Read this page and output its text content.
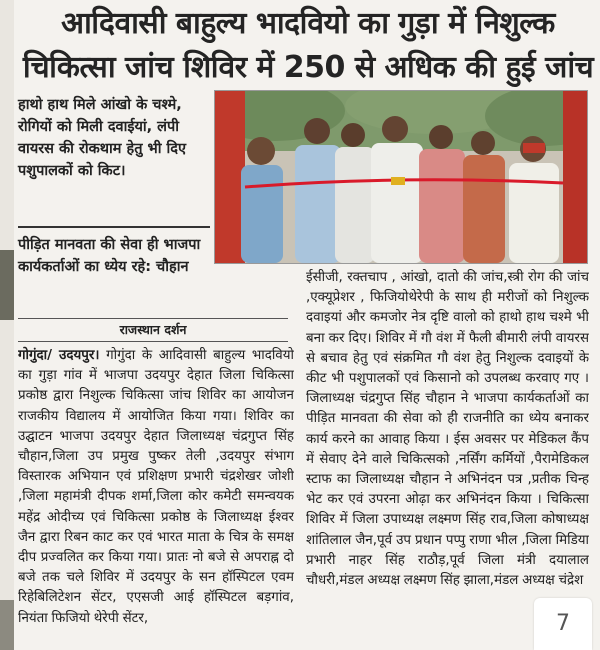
आदिवासी बाहुल्य भादवियो का गुड़ा में निशुल्क
चिकित्सा जांच शिविर में 250 से अधिक की हुई जांच
हाथो हाथ मिले आंखो के चश्मे, रोगियों को मिली दवाईयां, लंपी वायरस की रोकथाम हेतु भी दिए पशुपालकों को किट।
पीड़ित मानवता की सेवा ही भाजपा कार्यकर्ताओं का ध्येय रहे: चौहान
राजस्थान दर्शन
गोगुंदा/ उदयपुर। गोगुंदा के आदिवासी बाहुल्य भादवियो का गुड़ा गांव में भाजपा उदयपुर देहात जिला चिकित्सा प्रकोष्ठ द्वारा निशुल्क चिकित्सा जांच शिविर का आयोजन राजकीय विद्यालय में आयोजित किया गया। शिविर का उद्घाटन भाजपा उदयपुर देहात जिलाध्यक्ष चंद्रगुप्त सिंह चौहान,जिला उप प्रमुख पुष्कर तेली ,उदयपुर संभाग विस्तारक अभियान एवं प्रशिक्षण प्रभारी चंद्रशेखर जोशी ,जिला महामंत्री दीपक शर्मा,जिला कोर कमेटी समन्वयक महेंद्र ओदीच्य एवं चिकित्सा प्रकोष्ठ के जिलाध्यक्ष ईश्वर जैन द्वारा रिबन काट कर एवं भारत माता के चित्र के समक्ष दीप प्रज्वलित कर किया गया। प्रातः नो बजे से अपराह्न दो बजे तक चले शिविर में उदयपुर के सन हॉस्पिटल एवम रिहेबिलिटेशन सेंटर, एएसजी आई हॉस्पिटल बड़गांव, नियंता फिजियो थेरेपी सेंटर,
ईसीजी, रक्तचाप , आंखो, दातो की जांच,स्त्री रोग की जांच ,एक्यूप्रेशर , फिजियोथेरेपी के साथ ही मरीजों को निशुल्क दवाइयां और कमजोर नेत्र दृष्टि वालो को हाथो हाथ चश्मे भी बना कर दिए। शिविर में गौ वंश में फैली बीमारी लंपी वायरस से बचाव हेतु एवं संक्रमित गौ वंश हेतु निशुल्क दवाइयों के कीट भी पशुपालकों एवं किसानो को उपलब्ध करवाए गए । जिलाध्यक्ष चंद्रगुप्त सिंह चौहान ने भाजपा कार्यकर्ताओं का पीड़ित मानवता की सेवा को ही राजनीति का ध्येय बनाकर कार्य करने का आवाह किया । ईस अवसर पर मेडिकल कैंप में सेवाए देने वाले चिकित्सको ,नर्सिंग कर्मियों ,पैरामेडिकल स्टाफ का जिलाध्यक्ष चौहान ने अभिनंदन पत्र ,प्रतीक चिन्ह भेट कर एवं उपरना ओढ़ा कर अभिनंदन किया । चिकित्सा शिविर में जिला उपाध्यक्ष लक्ष्मण सिंह राव,जिला कोषाध्यक्ष शांतिलाल जैन,पूर्व उप प्रधान पप्पु राणा भील ,जिला मिडिया प्रभारी नाहर सिंह राठौड़,पूर्व जिला मंत्री दयालाल चौधरी,मंडल अध्यक्ष लक्ष्मण सिंह झाला,मंडल अध्यक्ष चंद्रेश
7
